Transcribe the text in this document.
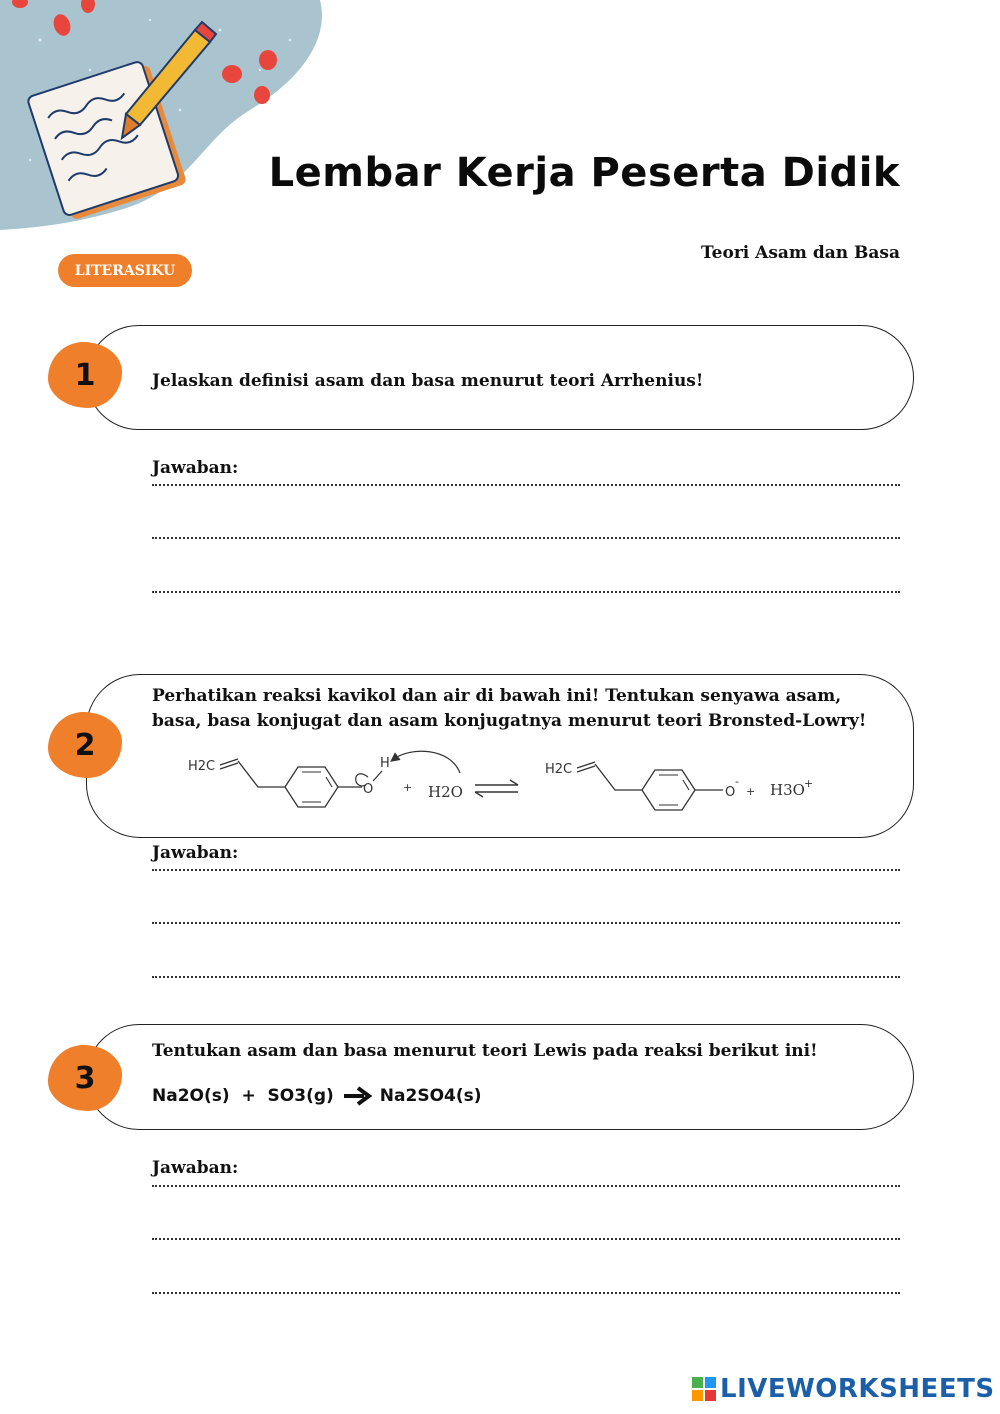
Lembar Kerja Peserta Didik
Teori Asam dan Basa
LITERASIKU
1	Jelaskan definisi asam dan basa menurut teori Arrhenius!
Jawaban:
2
Perhatikan reaksi kavikol dan air di bawah ini! Tentukan senyawa asam,
basa, basa konjugat dan asam konjugatnya menurut teori Bronsted-Lowry!
H2C
O
H
+ H2O
H2C
O
-
+ H3O +
Jawaban:
3
Tentukan asam dan basa menurut teori Lewis pada reaksi berikut ini!
Na2O(s)  +  SO3(g)	Na2SO4(s)
Jawaban:
LIVEWORKSHEETS
